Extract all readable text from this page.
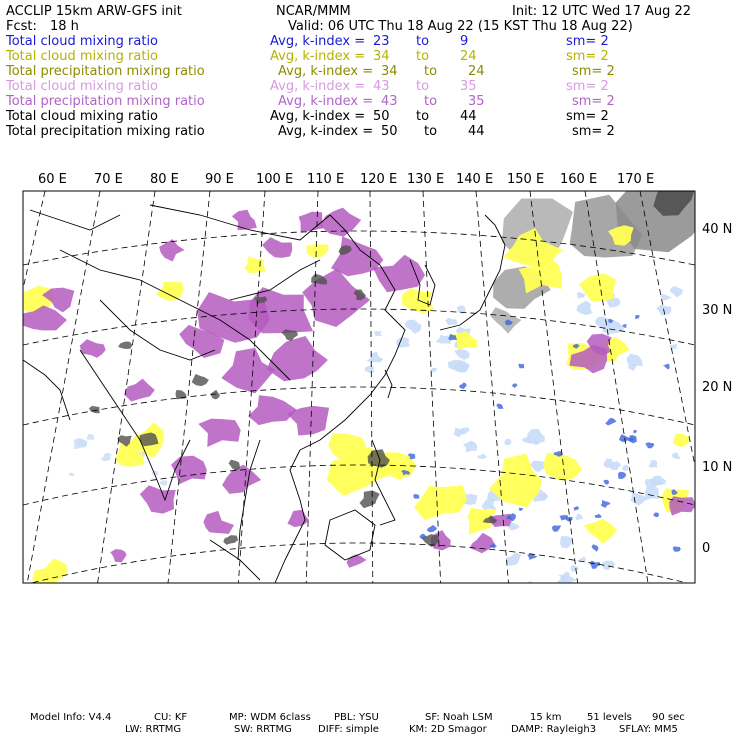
ACCLIP 15km ARW-GFS init	NCAR/MMM	Init: 12 UTC Wed 17 Aug 22
Fcst: 18 h	Valid: 06 UTC Thu 18 Aug 22 (15 KST Thu 18 Aug 22)
Total cloud mixing ratio	Avg, k-index = 23 to 9	sm= 2
Total cloud mixing ratio	Avg, k-index = 34 to 24	sm= 2
Total precipitation mixing ratio	Avg, k-index = 34 to 24	sm= 2
Total cloud mixing ratio	Avg, k-index = 43 to 35	sm= 2
Total precipitation mixing ratio	Avg, k-index = 43 to 35	sm= 2
Total cloud mixing ratio	Avg, k-index = 50 to 44	sm= 2
Total precipitation mixing ratio	Avg, k-index = 50 to 44	sm= 2
60 E 70 E 80 E 90 E 100 E 110 E 120 E 130 E 140 E 150 E 160 E 170 E
40 N
30 N
20 N
10 N
0
Model Info: V4.4	CU: KF	MP: WDM 6class PBL: YSU	SF: Noah LSM	15 km	51 levels 90 sec
LW: RRTMG	SW: RRTMG	DIFF: simple	KM: 2D Smagor DAMP: Rayleigh3 SFLAY: MM5
